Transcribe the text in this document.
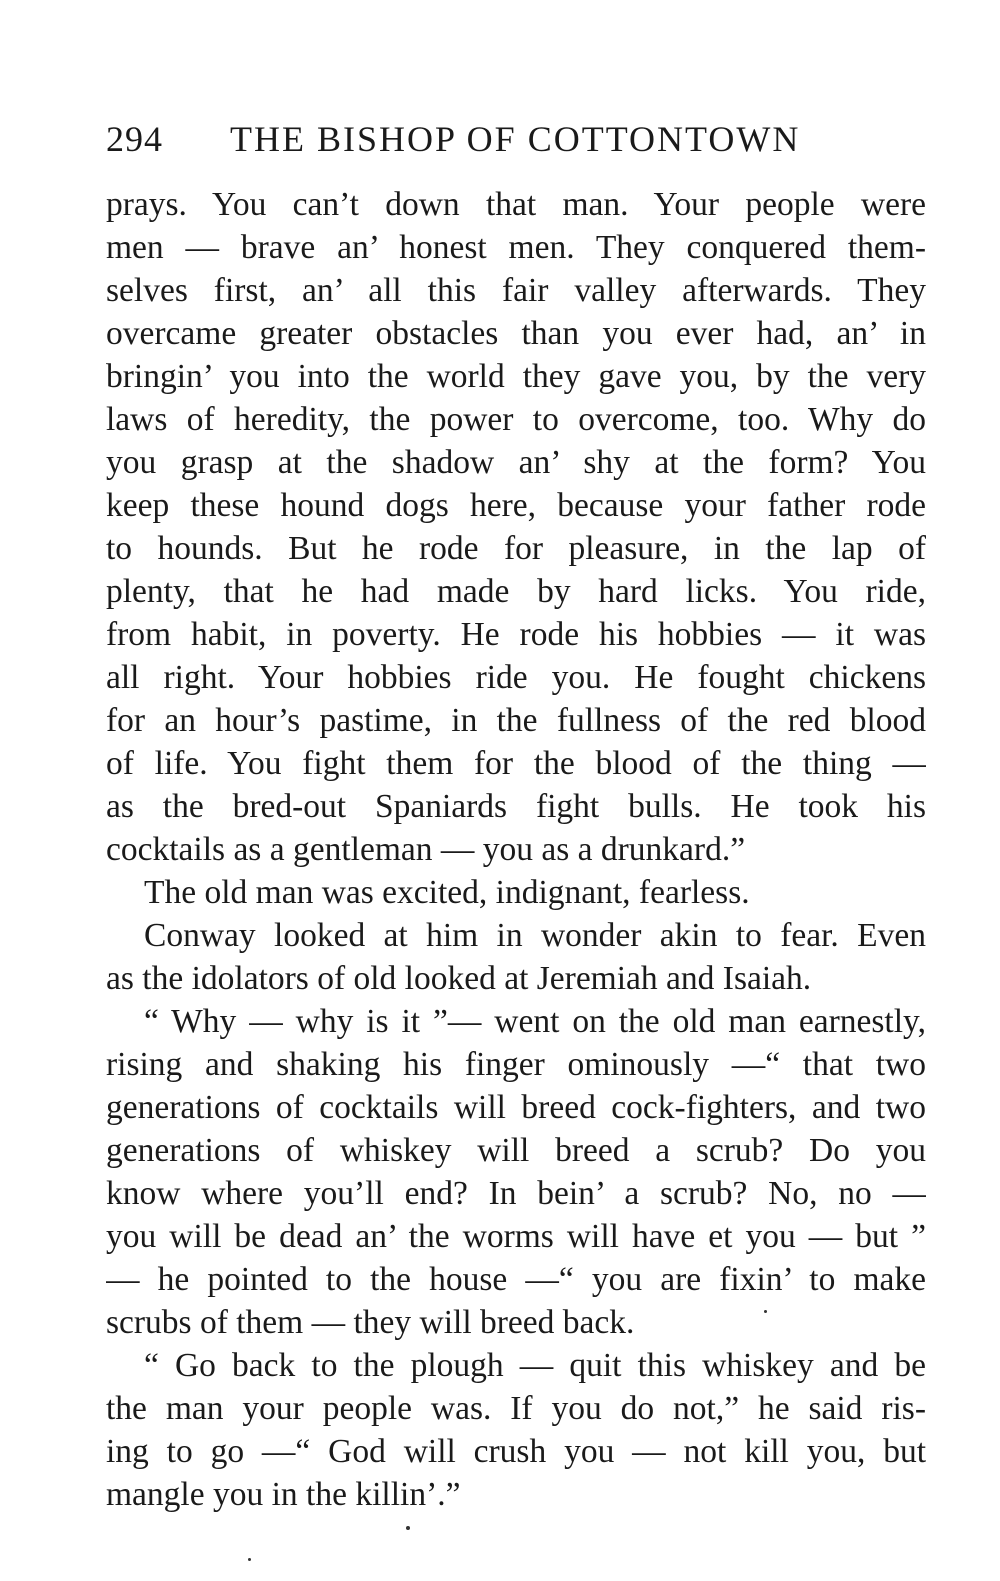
294 THE BISHOP OF COTTONTOWN
prays. You can’t down that man. Your people were
men — brave an’ honest men. They conquered them-
selves first, an’ all this fair valley afterwards. They
overcame greater obstacles than you ever had, an’ in
bringin’ you into the world they gave you, by the very
laws of heredity, the power to overcome, too. Why do
you grasp at the shadow an’ shy at the form? You
keep these hound dogs here, because your father rode
to hounds. But he rode for pleasure, in the lap of
plenty, that he had made by hard licks. You ride,
from habit, in poverty. He rode his hobbies — it was
all right. Your hobbies ride you. He fought chickens
for an hour’s pastime, in the fullness of the red blood
of life. You fight them for the blood of the thing —
as the bred-out Spaniards fight bulls. He took his
cocktails as a gentleman — you as a drunkard.”
The old man was excited, indignant, fearless.
Conway looked at him in wonder akin to fear. Even
as the idolators of old looked at Jeremiah and Isaiah.
“ Why — why is it ”— went on the old man earnestly,
rising and shaking his finger ominously —“ that two
generations of cocktails will breed cock-fighters, and two
generations of whiskey will breed a scrub? Do you
know where you’ll end? In bein’ a scrub? No, no —
you will be dead an’ the worms will have et you — but ”
— he pointed to the house —“ you are fixin’ to make
scrubs of them — they will breed back.
“ Go back to the plough — quit this whiskey and be
the man your people was. If you do not,” he said ris-
ing to go —“ God will crush you — not kill you, but
mangle you in the killin’.”
